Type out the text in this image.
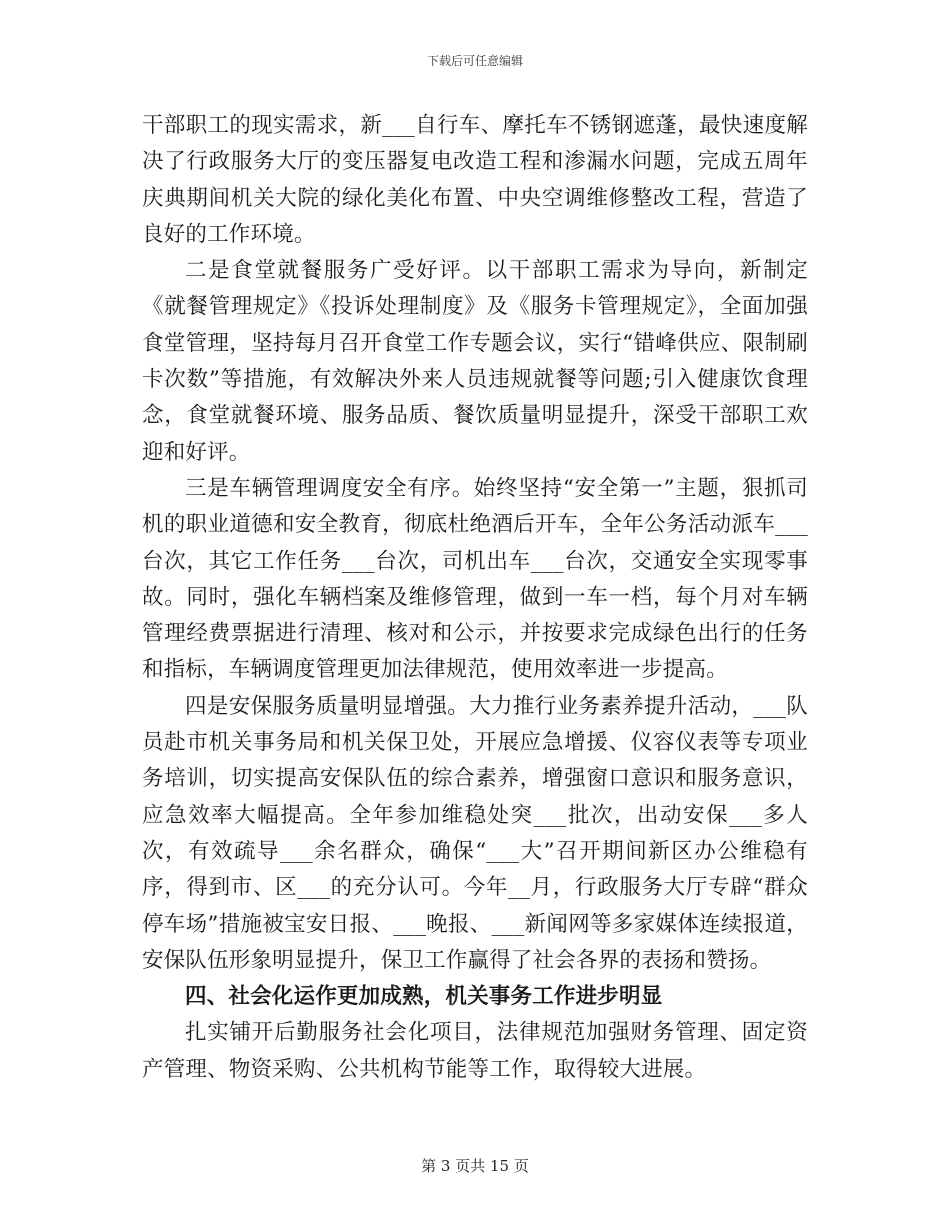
下载后可任意编辑

干部职工的现实需求，新___自行车、摩托车不锈钢遮蓬，最快速度解决了行政服务大厅的变压器复电改造工程和渗漏水问题，完成五周年庆典期间机关大院的绿化美化布置、中央空调维修整改工程，营造了良好的工作环境。

二是食堂就餐服务广受好评。以干部职工需求为导向，新制定《就餐管理规定》《投诉处理制度》及《服务卡管理规定》，全面加强食堂管理，坚持每月召开食堂工作专题会议，实行“错峰供应、限制刷卡次数”等措施，有效解决外来人员违规就餐等问题;引入健康饮食理念，食堂就餐环境、服务品质、餐饮质量明显提升，深受干部职工欢迎和好评。

三是车辆管理调度安全有序。始终坚持“安全第一”主题，狠抓司机的职业道德和安全教育，彻底杜绝酒后开车，全年公务活动派车___台次，其它工作任务___台次，司机出车___台次，交通安全实现零事故。同时，强化车辆档案及维修管理，做到一车一档，每个月对车辆管理经费票据进行清理、核对和公示，并按要求完成绿色出行的任务和指标，车辆调度管理更加法律规范，使用效率进一步提高。

四是安保服务质量明显增强。大力推行业务素养提升活动，___队员赴市机关事务局和机关保卫处，开展应急增援、仪容仪表等专项业务培训，切实提高安保队伍的综合素养，增强窗口意识和服务意识，应急效率大幅提高。全年参加维稳处突___批次，出动安保___多人次，有效疏导___余名群众，确保“___大”召开期间新区办公维稳有序，得到市、区___的充分认可。今年__月，行政服务大厅专辟“群众停车场”措施被宝安日报、___晚报、___新闻网等多家媒体连续报道，安保队伍形象明显提升，保卫工作赢得了社会各界的表扬和赞扬。

四、社会化运作更加成熟，机关事务工作进步明显

扎实铺开后勤服务社会化项目，法律规范加强财务管理、固定资产管理、物资采购、公共机构节能等工作，取得较大进展。

第 3 页共 15 页
